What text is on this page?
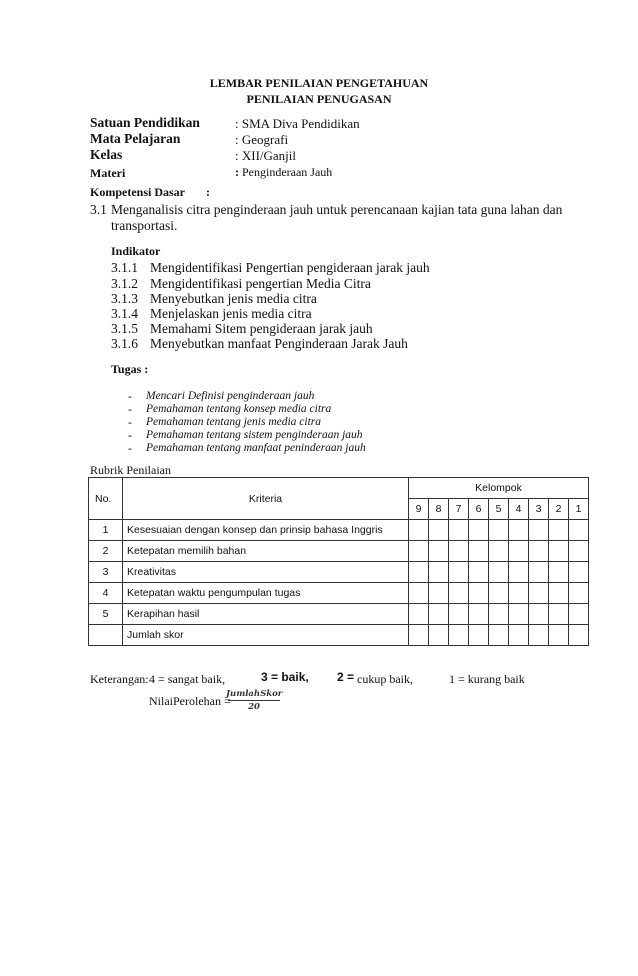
LEMBAR PENILAIAN PENGETAHUAN
PENILAIAN PENUGASAN
Satuan Pendidikan	: SMA Diva Pendidikan
Mata Pelajaran	: Geografi
Kelas	: XII/Ganjil
Materi	: Penginderaan Jauh
Kompetensi Dasar :
3.1 Menganalisis citra penginderaan jauh untuk perencanaan kajian tata guna lahan dan
transportasi.
Indikator
3.1.1 Mengidentifikasi Pengertian pengideraan jarak jauh
3.1.2 Mengidentifikasi pengertian Media Citra
3.1.3 Menyebutkan jenis media citra
3.1.4 Menjelaskan jenis media citra
3.1.5 Memahami Sitem pengideraan jarak jauh
3.1.6 Menyebutkan manfaat Penginderaan Jarak Jauh
Tugas :
- Mencari Definisi penginderaan jauh
- Pemahaman tentang konsep media citra
- Pemahaman tentang jenis media citra
- Pemahaman tentang sistem penginderaan jauh
- Pemahaman tentang manfaat peninderaan jauh
Rubrik Penilaian
No.	Kriteria	Kelompok								
		9	8	7	6	5	4	3	2	1
1	Kesesuaian dengan konsep dan prinsip bahasa Inggris									
2	Ketepatan memilih bahan									
3	Kreativitas									
4	Ketepatan waktu pengumpulan tugas									
5	Kerapihan hasil									
	Jumlah skor									
Keterangan: 4 = sangat baik,	3 = baik, 2 = cukup baik,	1 = kurang baik
NilaiPerolehan =
JumlahSkor
20
